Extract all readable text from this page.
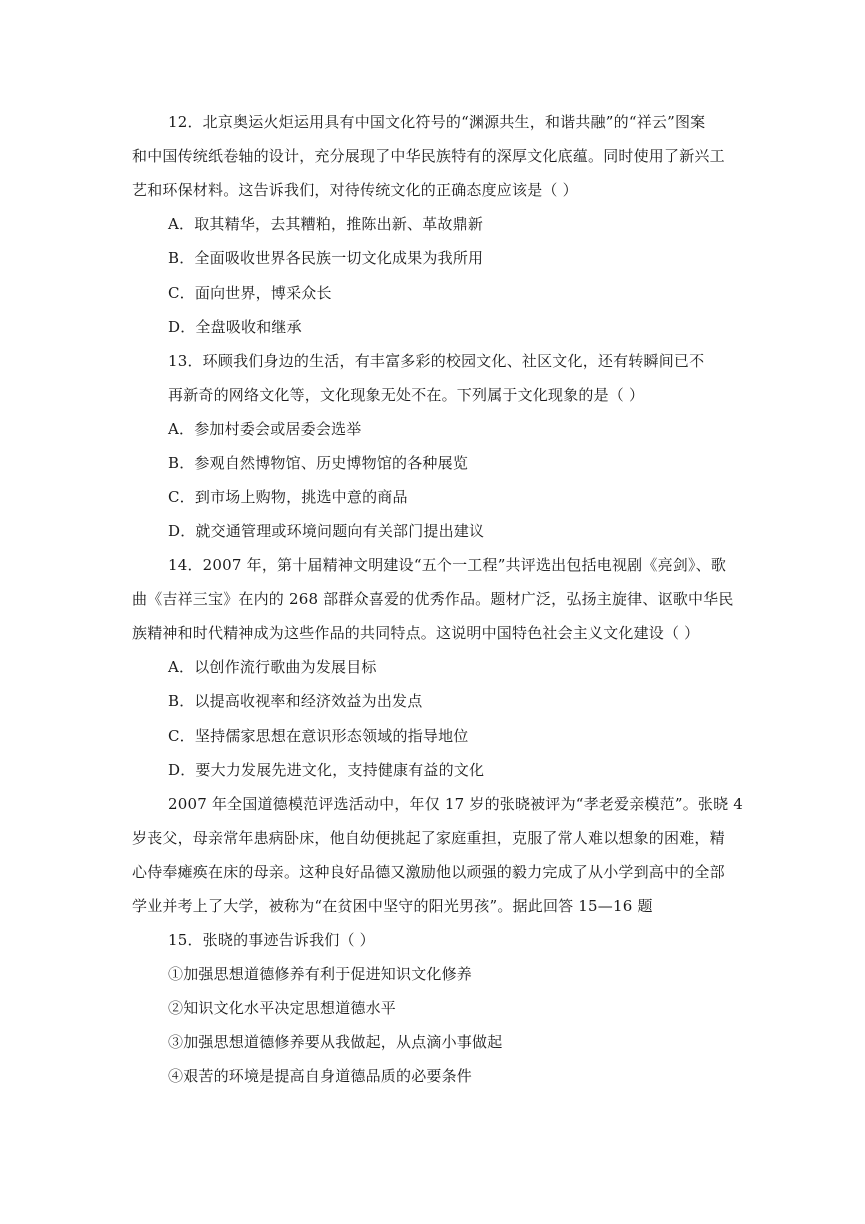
12．北京奥运火炬运用具有中国文化符号的“渊源共生，和谐共融”的“祥云”图案
和中国传统纸卷轴的设计，充分展现了中华民族特有的深厚文化底蕴。同时使用了新兴工
艺和环保材料。这告诉我们，对待传统文化的正确态度应该是（ ）
A．取其精华，去其糟粕，推陈出新、革故鼎新
B．全面吸收世界各民族一切文化成果为我所用
C．面向世界，博采众长
D．全盘吸收和继承
13．环顾我们身边的生活，有丰富多彩的校园文化、社区文化，还有转瞬间已不
再新奇的网络文化等，文化现象无处不在。下列属于文化现象的是（ ）
A．参加村委会或居委会选举
B．参观自然博物馆、历史博物馆的各种展览
C．到市场上购物，挑选中意的商品
D．就交通管理或环境问题向有关部门提出建议
14．2007 年，第十届精神文明建设“五个一工程”共评选出包括电视剧《亮剑》、歌
曲《吉祥三宝》在内的 268 部群众喜爱的优秀作品。题材广泛，弘扬主旋律、讴歌中华民
族精神和时代精神成为这些作品的共同特点。这说明中国特色社会主义文化建设（ ）
A．以创作流行歌曲为发展目标
B．以提高收视率和经济效益为出发点
C．坚持儒家思想在意识形态领域的指导地位
D．要大力发展先进文化，支持健康有益的文化
2007 年全国道德模范评选活动中，年仅 17 岁的张晓被评为“孝老爱亲模范”。张晓 4
岁丧父，母亲常年患病卧床，他自幼便挑起了家庭重担，克服了常人难以想象的困难，精
心侍奉瘫痪在床的母亲。这种良好品德又激励他以顽强的毅力完成了从小学到高中的全部
学业并考上了大学，被称为“在贫困中坚守的阳光男孩”。据此回答 15—16 题
15．张晓的事迹告诉我们（ ）
①加强思想道德修养有利于促进知识文化修养
②知识文化水平决定思想道德水平
③加强思想道德修养要从我做起，从点滴小事做起
④艰苦的环境是提高自身道德品质的必要条件
